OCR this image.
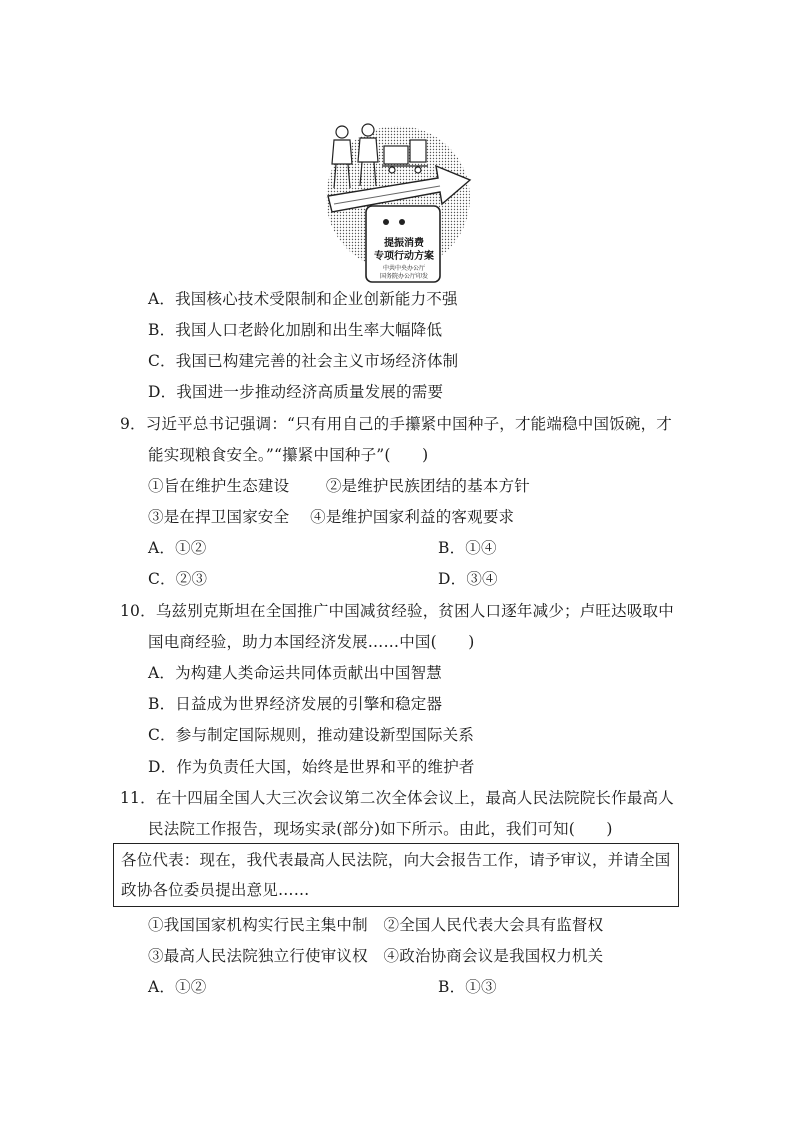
提振消费
专项行动方案
中共中央办公厅
国务院办公厅印发
A．我国核心技术受限制和企业创新能力不强
B．我国人口老龄化加剧和出生率大幅降低
C．我国已构建完善的社会主义市场经济体制
D．我国进一步推动经济高质量发展的需要
9．习近平总书记强调：“只有用自己的手攥紧中国种子，才能端稳中国饭碗，才
能实现粮食安全。”“攥紧中国种子”(　　)
①旨在维护生态建设　　 ②是维护民族团结的基本方针
③是在捍卫国家安全　 ④是维护国家利益的客观要求
A．①②	B．①④
C．②③	D．③④
10．乌兹别克斯坦在全国推广中国减贫经验，贫困人口逐年减少；卢旺达吸取中
国电商经验，助力本国经济发展……中国(　　)
A．为构建人类命运共同体贡献出中国智慧
B．日益成为世界经济发展的引擎和稳定器
C．参与制定国际规则，推动建设新型国际关系
D．作为负责任大国，始终是世界和平的维护者
11．在十四届全国人大三次会议第二次全体会议上，最高人民法院院长作最高人
民法院工作报告，现场实录(部分)如下所示。由此，我们可知(　　)
各位代表：现在，我代表最高人民法院，向大会报告工作，请予审议，并请全国
政协各位委员提出意见……
①我国国家机构实行民主集中制　②全国人民代表大会具有监督权
③最高人民法院独立行使审议权　④政治协商会议是我国权力机关
A．①②	B．①③
